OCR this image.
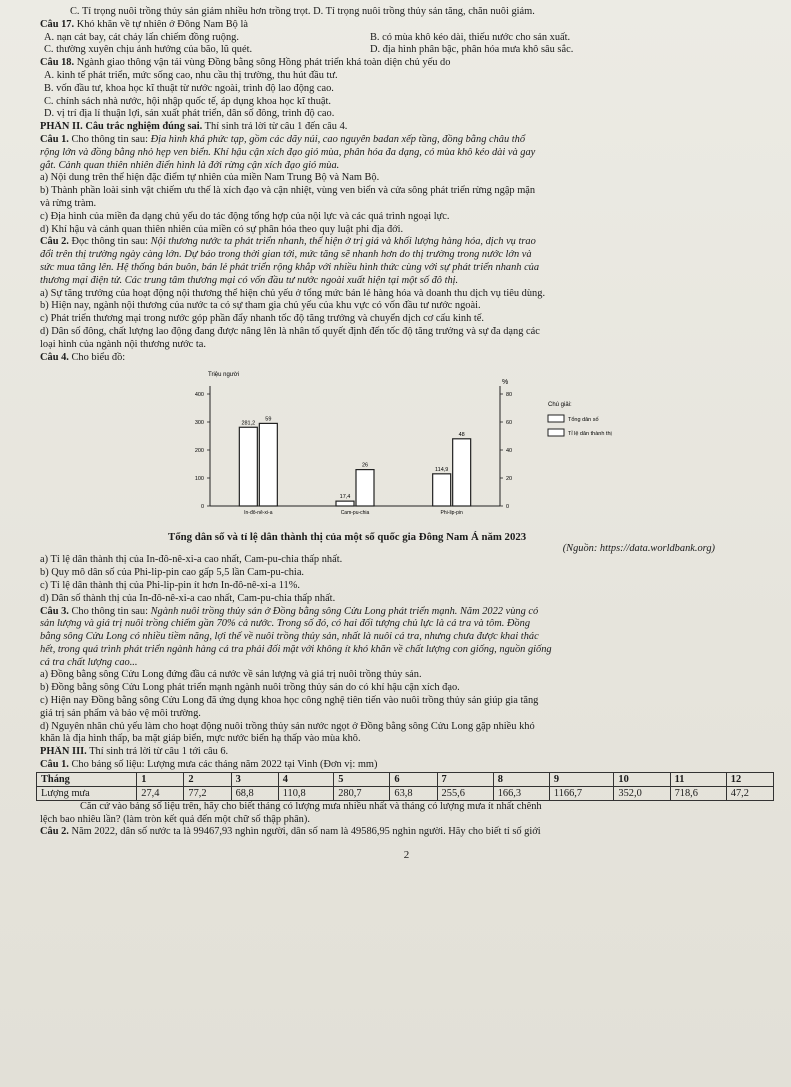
C. Tỉ trọng nuôi trồng thủy sản giảm nhiều hơn trồng trọt. D. Tỉ trọng nuôi trồng thủy sản tăng, chăn nuôi giảm.
Câu 17. Khó khăn về tự nhiên ở Đông Nam Bộ là
A. nạn cát bay, cát chảy lấn chiếm đồng ruộng.	B. có mùa khô kéo dài, thiếu nước cho sản xuất.
C. thường xuyên chịu ảnh hưởng của bão, lũ quét.	D. địa hình phân bậc, phân hóa mưa khô sâu sắc.
Câu 18. Ngành giao thông vận tải vùng Đồng bằng sông Hồng phát triển khá toàn diện chủ yếu do
A. kinh tế phát triển, mức sống cao, nhu cầu thị trường, thu hút đầu tư.
B. vốn đầu tư, khoa học kĩ thuật từ nước ngoài, trình độ lao động cao.
C. chính sách nhà nước, hội nhập quốc tế, áp dụng khoa học kĩ thuật.
D. vị trí địa lí thuận lợi, sản xuất phát triển, dân số đông, trình độ cao.
PHẦN II. Câu trắc nghiệm đúng sai. Thí sinh trả lời từ câu 1 đến câu 4.
Câu 1. Cho thông tin sau: Địa hình khá phức tạp, gồm các dãy núi, cao nguyên badan xếp tầng, đồng bằng châu thổ
rộng lớn và đồng bằng nhỏ hẹp ven biển. Khí hậu cận xích đạo gió mùa, phân hóa đa dạng, có mùa khô kéo dài và gay
gắt. Cảnh quan thiên nhiên điển hình là đới rừng cận xích đạo gió mùa.
a) Nội dung trên thể hiện đặc điểm tự nhiên của miền Nam Trung Bộ và Nam Bộ.
b) Thành phần loài sinh vật chiếm ưu thế là xích đạo và cận nhiệt, vùng ven biển và cửa sông phát triển rừng ngập mặn
và rừng tràm.
c) Địa hình của miền đa dạng chủ yếu do tác động tổng hợp của nội lực và các quá trình ngoại lực.
d) Khí hậu và cảnh quan thiên nhiên của miền có sự phân hóa theo quy luật phi địa đới.
Câu 2. Đọc thông tin sau: Nội thương nước ta phát triển nhanh, thể hiện ở trị giá và khối lượng hàng hóa, dịch vụ trao
đổi trên thị trường ngày càng lớn. Dự báo trong thời gian tới, mức tăng sẽ nhanh hơn do thị trường trong nước lớn và
sức mua tăng lên. Hệ thống bán buôn, bán lẻ phát triển rộng khắp với nhiều hình thức cùng với sự phát triển nhanh của
thương mại điện tử. Các trung tâm thương mại có vốn đầu tư nước ngoài xuất hiện tại một số đô thị.
a) Sự tăng trưởng của hoạt động nội thương thể hiện chủ yếu ở tổng mức bán lẻ hàng hóa và doanh thu dịch vụ tiêu dùng.
b) Hiện nay, ngành nội thương của nước ta có sự tham gia chủ yếu của khu vực có vốn đầu tư nước ngoài.
c) Phát triển thương mại trong nước góp phần đẩy nhanh tốc độ tăng trưởng và chuyển dịch cơ cấu kinh tế.
d) Dân số đông, chất lượng lao động đang được nâng lên là nhân tố quyết định đến tốc độ tăng trưởng và sự đa dạng các
loại hình của ngành nội thương nước ta.
Câu 4. Cho biểu đồ:
Triệu người
%
400
300
200
100
0
80
60
40
20
0
281,2
59
In-đô-nê-xi-a
17,4
26
Cam-pu-chia
114,9
48
Phi-lip-pin
Chú giải:
Tổng dân số
Tỉ lệ dân thành thị
Tổng dân số và tỉ lệ dân thành thị của một số quốc gia Đông Nam Á năm 2023
(Nguồn: https://data.worldbank.org)
a) Tỉ lệ dân thành thị của In-đô-nê-xi-a cao nhất, Cam-pu-chia thấp nhất.
b) Quy mô dân số của Phi-lip-pin cao gấp 5,5 lần Cam-pu-chia.
c) Tỉ lệ dân thành thị của Phi-lip-pin ít hơn In-đô-nê-xi-a 11%.
d) Dân số thành thị của In-đô-nê-xi-a cao nhất, Cam-pu-chia thấp nhất.
Câu 3. Cho thông tin sau: Ngành nuôi trồng thủy sản ở Đồng bằng sông Cửu Long phát triển mạnh. Năm 2022 vùng có
sản lượng và giá trị nuôi trồng chiếm gần 70% cả nước. Trong số đó, có hai đối tượng chủ lực là cá tra và tôm. Đồng
bằng sông Cửu Long có nhiều tiềm năng, lợi thế về nuôi trồng thủy sản, nhất là nuôi cá tra, nhưng chưa được khai thác
hết, trong quá trình phát triển ngành hàng cá tra phải đối mặt với không ít khó khăn về chất lượng con giống, nguồn giống
cá tra chất lượng cao...
a) Đồng bằng sông Cửu Long đứng đầu cả nước về sản lượng và giá trị nuôi trồng thủy sản.
b) Đồng bằng sông Cửu Long phát triển mạnh ngành nuôi trồng thủy sản do có khí hậu cận xích đạo.
c) Hiện nay Đồng bằng sông Cửu Long đã ứng dụng khoa học công nghệ tiên tiến vào nuôi trồng thủy sản giúp gia tăng
giá trị sản phẩm và bảo vệ môi trường.
d) Nguyên nhân chủ yếu làm cho hoạt động nuôi trồng thủy sản nước ngọt ở Đồng bằng sông Cửu Long gặp nhiều khó
khăn là địa hình thấp, ba mặt giáp biển, mực nước biển hạ thấp vào mùa khô.
PHẦN III. Thí sinh trả lời từ câu 1 tới câu 6.
Câu 1. Cho bảng số liệu: Lượng mưa các tháng năm 2022 tại Vinh (Đơn vị: mm)
Tháng	1	2	3	4	5	6	7	8	9	10	11	12
Lượng mưa	27,4	77,2	68,8	110,8	280,7	63,8	255,6	166,3	1166,7	352,0	718,6	47,2
Căn cứ vào bảng số liệu trên, hãy cho biết tháng có lượng mưa nhiều nhất và tháng có lượng mưa ít nhất chênh
lệch bao nhiêu lần? (làm tròn kết quả đến một chữ số thập phân).
Câu 2. Năm 2022, dân số nước ta là 99467,93 nghìn người, dân số nam là 49586,95 nghìn người. Hãy cho biết tỉ số giới
2
